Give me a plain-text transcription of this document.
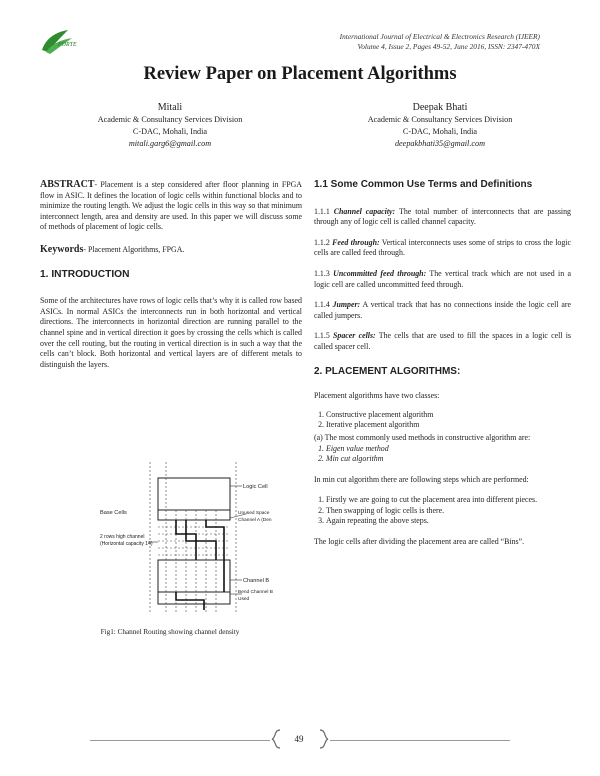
FORTE
International Journal of Electrical & Electronics Research (IJEER)
Volume 4, Issue 2, Pages 49-52, June 2016, ISSN: 2347-470X
Review Paper on Placement Algorithms
Mitali
Academic & Consultancy Services Division
C-DAC, Mohali, India
mitali.garg6@gmail.com
Deepak Bhati
Academic & Consultancy Services Division
C-DAC, Mohali, India
deepakbhati35@gmail.com

ABSTRACT- Placement is a step considered after floor planning in FPGA flow in ASIC. It defines the location of logic cells within functional blocks and to minimize the routing length. We adjust the logic cells in this way so that minimum interconnect length, area and density are used. In this paper we will discuss some of methods of placement of logic cells.

Keywords- Placement Algorithms, FPGA.

1. INTRODUCTION

Some of the architectures have rows of logic cells that’s why it is called row based ASICs. In normal ASICs the interconnects run in both horizontal and vertical directions. The interconnects in horizontal direction are running parallel to the channel spine and in vertical direction it goes by crossing the cells which is called over the cell routing, but the routing in vertical direction is in such a way that the cells can’t block. Both horizontal and vertical layers are of different metals to distinguish the layers.

Logic Cell
Base Cells	Unused Space
Channel A (Den
2 rows high channel
(Horizontal capacity 14)
Channel B
Bend Channel B
Used
Fig1: Channel Routing showing channel density

1.1 Some Common Use Terms and Definitions

1.1.1 Channel capacity: The total number of interconnects that are passing through any of logic cell is called channel capacity.

1.1.2 Feed through: Vertical interconnects uses some of strips to cross the logic cells are called feed through.

1.1.3 Uncommitted feed through: The vertical track which are not used in a logic cell are called uncommitted feed through.

1.1.4 Jumper: A vertical track that has no connections inside the logic cell are called jumpers.

1.1.5 Spacer cells: The cells that are used to fill the spaces in a logic cell is called spacer cell.

2. PLACEMENT ALGORITHMS:

Placement algorithms have two classes:

1. Constructive placement algorithm
2. Iterative placement algorithm

(a) The most commonly used methods in constructive algorithm are:

1. Eigen value method
2. Min cut algorithm

In min cut algorithm there are following steps which are performed:

1. Firstly we are going to cut the placement area into different pieces.
2. Then swapping of logic cells is there.
3. Again repeating the above steps.

The logic cells after dividing the placement area are called “Bins”.

49
